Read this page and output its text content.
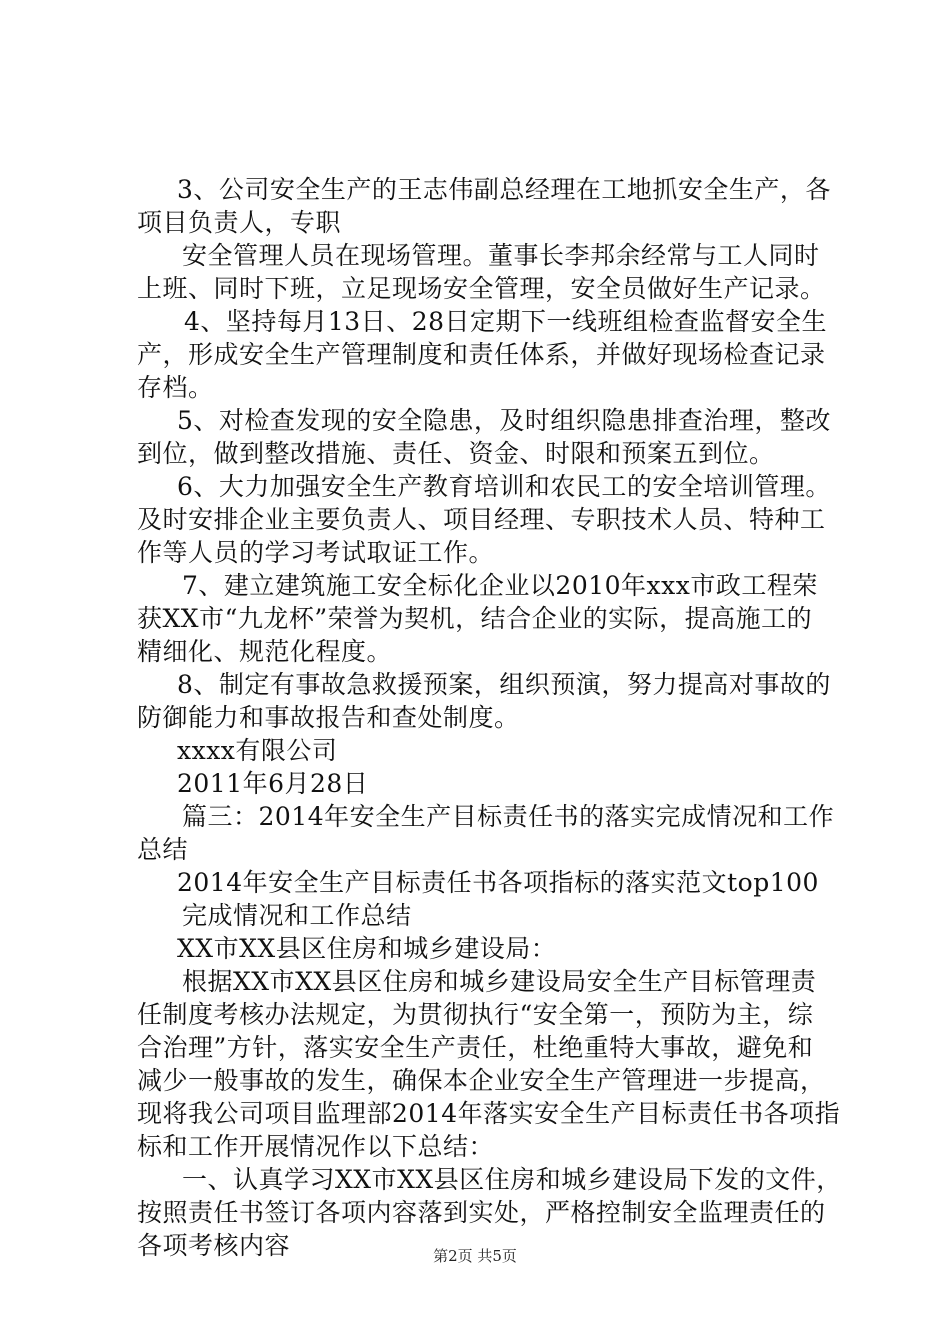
3、公司安全生产的王志伟副总经理在工地抓安全生产，各
项目负责人，专职
安全管理人员在现场管理。董事长李邦余经常与工人同时
上班、同时下班，立足现场安全管理，安全员做好生产记录。
4、坚持每月13日、28日定期下一线班组检查监督安全生
产，形成安全生产管理制度和责任体系，并做好现场检查记录
存档。
5、对检查发现的安全隐患，及时组织隐患排查治理，整改
到位，做到整改措施、责任、资金、时限和预案五到位。
6、大力加强安全生产教育培训和农民工的安全培训管理。
及时安排企业主要负责人、项目经理、专职技术人员、特种工
作等人员的学习考试取证工作。
7、建立建筑施工安全标化企业以2010年xxx市政工程荣
获XX市“九龙杯”荣誉为契机，结合企业的实际，提高施工的
精细化、规范化程度。
8、制定有事故急救援预案，组织预演，努力提高对事故的
防御能力和事故报告和查处制度。
xxxx有限公司
2011年6月28日
篇三：2014年安全生产目标责任书的落实完成情况和工作
总结
2014年安全生产目标责任书各项指标的落实范文top100
完成情况和工作总结
XX市XX县区住房和城乡建设局：
根据XX市XX县区住房和城乡建设局安全生产目标管理责
任制度考核办法规定，为贯彻执行“安全第一，预防为主，综
合治理”方针，落实安全生产责任，杜绝重特大事故，避免和
减少一般事故的发生，确保本企业安全生产管理进一步提高，
现将我公司项目监理部2014年落实安全生产目标责任书各项指
标和工作开展情况作以下总结：
一、认真学习XX市XX县区住房和城乡建设局下发的文件，
按照责任书签订各项内容落到实处，严格控制安全监理责任的
各项考核内容	第2页 共5页
